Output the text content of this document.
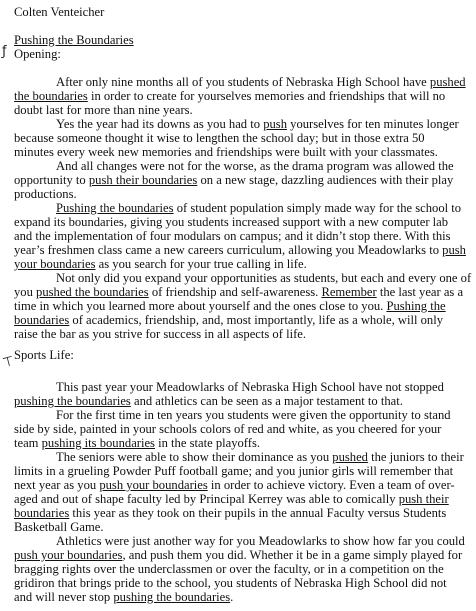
Colten Venteicher
Pushing the Boundaries
ƒ Opening:
After only nine months all of you students of Nebraska High School have pushed
the boundaries in order to create for yourselves memories and friendships that will no
doubt last for more than nine years.
Yes the year had its downs as you had to push yourselves for ten minutes longer
because someone thought it wise to lengthen the school day; but in those extra 50
minutes every week new memories and friendships were built with your classmates.
And all changes were not for the worse, as the drama program was allowed the
opportunity to push their boundaries on a new stage, dazzling audiences with their play
productions.
Pushing the boundaries of student population simply made way for the school to
expand its boundaries, giving you students increased support with a new computer lab
and the implementation of four modulars on campus; and it didn’t stop there. With this
year’s freshmen class came a new careers curriculum, allowing you Meadowlarks to push
your boundaries as you search for your true calling in life.
Not only did you expand your opportunities as students, but each and every one of
you pushed the boundaries of friendship and self-awareness. Remember the last year as a
time in which you learned more about yourself and the ones close to you. Pushing the
boundaries of academics, friendship, and, most importantly, life as a whole, will only
raise the bar as you strive for success in all aspects of life.
Sports Life:
⊤
This past year your Meadowlarks of Nebraska High School have not stopped
pushing the boundaries and athletics can be seen as a major testament to that.
For the first time in ten years you students were given the opportunity to stand
side by side, painted in your schools colors of red and white, as you cheered for your
team pushing its boundaries in the state playoffs.
The seniors were able to show their dominance as you pushed the juniors to their
limits in a grueling Powder Puff football game; and you junior girls will remember that
next year as you push your boundaries in order to achieve victory. Even a team of over-
aged and out of shape faculty led by Principal Kerrey was able to comically push their
boundaries this year as they took on their pupils in the annual Faculty versus Students
Basketball Game.
Athletics were just another way for you Meadowlarks to show how far you could
push your boundaries, and push them you did. Whether it be in a game simply played for
bragging rights over the underclassmen or over the faculty, or in a competition on the
gridiron that brings pride to the school, you students of Nebraska High School did not
and will never stop pushing the boundaries.
